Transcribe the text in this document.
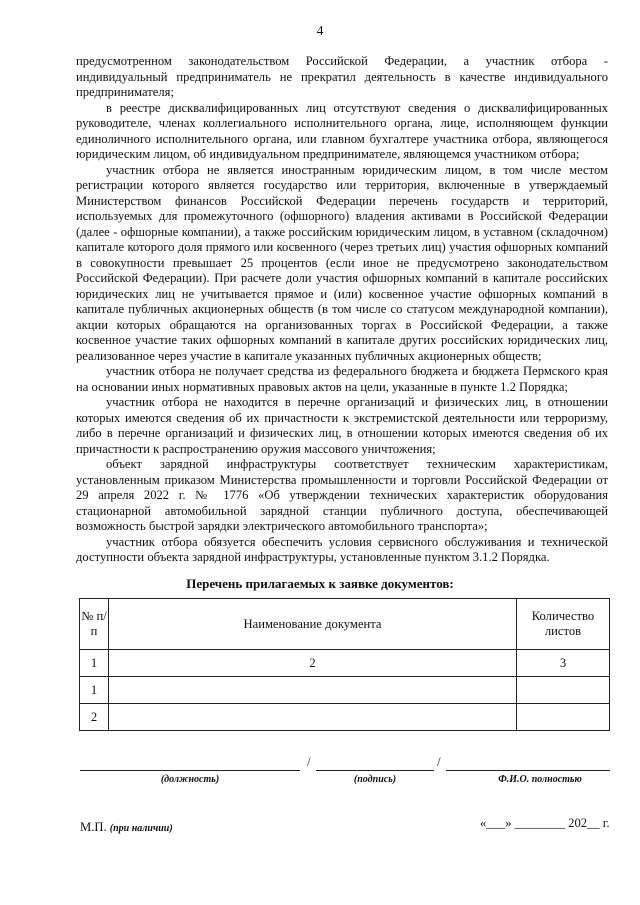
4

предусмотренном законодательством Российской Федерации, а участник отбора - индивидуальный предприниматель не прекратил деятельность в качестве индивидуального предпринимателя;

в реестре дисквалифицированных лиц отсутствуют сведения о дисквалифицированных руководителе, членах коллегиального исполнительного органа, лице, исполняющем функции единоличного исполнительного органа, или главном бухгалтере участника отбора, являющегося юридическим лицом, об индивидуальном предпринимателе, являющемся участником отбора;

участник отбора не является иностранным юридическим лицом, в том числе местом регистрации которого является государство или территория, включенные в утверждаемый Министерством финансов Российской Федерации перечень государств и территорий, используемых для промежуточного (офшорного) владения активами в Российской Федерации (далее - офшорные компании), а также российским юридическим лицом, в уставном (складочном) капитале которого доля прямого или косвенного (через третьих лиц) участия офшорных компаний в совокупности превышает 25 процентов (если иное не предусмотрено законодательством Российской Федерации). При расчете доли участия офшорных компаний в капитале российских юридических лиц не учитывается прямое и (или) косвенное участие офшорных компаний в капитале публичных акционерных обществ (в том числе со статусом международной компании), акции которых обращаются на организованных торгах в Российской Федерации, а также косвенное участие таких офшорных компаний в капитале других российских юридических лиц, реализованное через участие в капитале указанных публичных акционерных обществ;

участник отбора не получает средства из федерального бюджета и бюджета Пермского края на основании иных нормативных правовых актов на цели, указанные в пункте 1.2 Порядка;

участник отбора не находится в перечне организаций и физических лиц, в отношении которых имеются сведения об их причастности к экстремистской деятельности или терроризму, либо в перечне организаций и физических лиц, в отношении которых имеются сведения об их причастности к распространению оружия массового уничтожения;

объект зарядной инфраструктуры соответствует техническим характеристикам, установленным приказом Министерства промышленности и торговли Российской Федерации от 29 апреля 2022 г. № 1776 «Об утверждении технических характеристик оборудования стационарной автомобильной зарядной станции публичного доступа, обеспечивающей возможность быстрой зарядки электрического автомобильного транспорта»;

участник отбора обязуется обеспечить условия сервисного обслуживания и технической доступности объекта зарядной инфраструктуры, установленные пунктом 3.1.2 Порядка.

Перечень прилагаемых к заявке документов:
№ п/п	Наименование документа	Количество листов
1	2	3
1		
2		
/	/
(должность)	(подпись)	Ф.И.О. полностью
М.П. (при наличии)	«___» ________ 202__ г.
